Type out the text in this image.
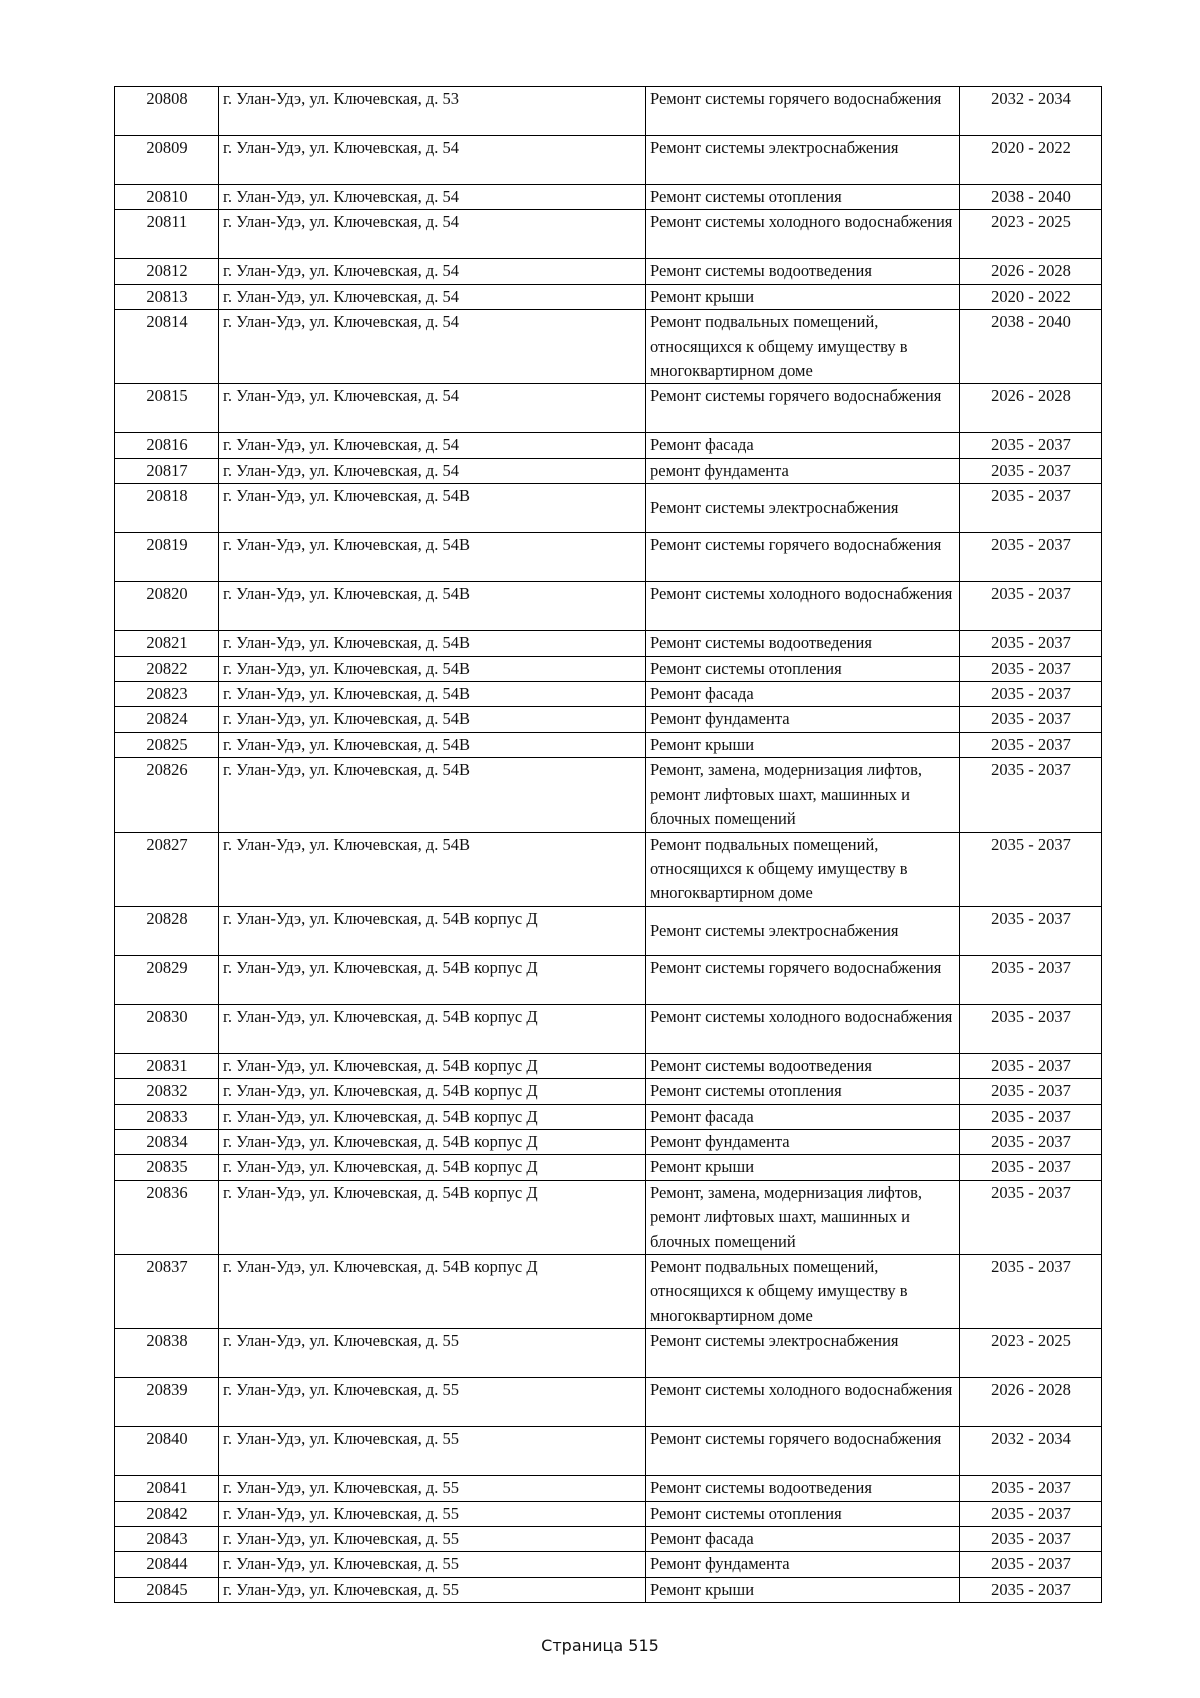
20808	г. Улан-Удэ, ул. Ключевская, д. 53	Ремонт системы горячего водоснабжения	2032 - 2034
20809	г. Улан-Удэ, ул. Ключевская, д. 54	Ремонт системы электроснабжения	2020 - 2022
20810	г. Улан-Удэ, ул. Ключевская, д. 54	Ремонт системы отопления	2038 - 2040
20811	г. Улан-Удэ, ул. Ключевская, д. 54	Ремонт системы холодного водоснабжения	2023 - 2025
20812	г. Улан-Удэ, ул. Ключевская, д. 54	Ремонт системы водоотведения	2026 - 2028
20813	г. Улан-Удэ, ул. Ключевская, д. 54	Ремонт крыши	2020 - 2022
20814	г. Улан-Удэ, ул. Ключевская, д. 54	Ремонт подвальных помещений, относящихся к общему имуществу в многоквартирном доме	2038 - 2040
20815	г. Улан-Удэ, ул. Ключевская, д. 54	Ремонт системы горячего водоснабжения	2026 - 2028
20816	г. Улан-Удэ, ул. Ключевская, д. 54	Ремонт фасада	2035 - 2037
20817	г. Улан-Удэ, ул. Ключевская, д. 54	ремонт фундамента	2035 - 2037
20818	г. Улан-Удэ, ул. Ключевская, д. 54В	Ремонт системы электроснабжения	2035 - 2037
20819	г. Улан-Удэ, ул. Ключевская, д. 54В	Ремонт системы горячего водоснабжения	2035 - 2037
20820	г. Улан-Удэ, ул. Ключевская, д. 54В	Ремонт системы холодного водоснабжения	2035 - 2037
20821	г. Улан-Удэ, ул. Ключевская, д. 54В	Ремонт системы водоотведения	2035 - 2037
20822	г. Улан-Удэ, ул. Ключевская, д. 54В	Ремонт системы отопления	2035 - 2037
20823	г. Улан-Удэ, ул. Ключевская, д. 54В	Ремонт фасада	2035 - 2037
20824	г. Улан-Удэ, ул. Ключевская, д. 54В	Ремонт фундамента	2035 - 2037
20825	г. Улан-Удэ, ул. Ключевская, д. 54В	Ремонт крыши	2035 - 2037
20826	г. Улан-Удэ, ул. Ключевская, д. 54В	Ремонт, замена, модернизация лифтов, ремонт лифтовых шахт, машинных и блочных помещений	2035 - 2037
20827	г. Улан-Удэ, ул. Ключевская, д. 54В	Ремонт подвальных помещений, относящихся к общему имуществу в многоквартирном доме	2035 - 2037
20828	г. Улан-Удэ, ул. Ключевская, д. 54В корпус Д	Ремонт системы электроснабжения	2035 - 2037
20829	г. Улан-Удэ, ул. Ключевская, д. 54В корпус Д	Ремонт системы горячего водоснабжения	2035 - 2037
20830	г. Улан-Удэ, ул. Ключевская, д. 54В корпус Д	Ремонт системы холодного водоснабжения	2035 - 2037
20831	г. Улан-Удэ, ул. Ключевская, д. 54В корпус Д	Ремонт системы водоотведения	2035 - 2037
20832	г. Улан-Удэ, ул. Ключевская, д. 54В корпус Д	Ремонт системы отопления	2035 - 2037
20833	г. Улан-Удэ, ул. Ключевская, д. 54В корпус Д	Ремонт фасада	2035 - 2037
20834	г. Улан-Удэ, ул. Ключевская, д. 54В корпус Д	Ремонт фундамента	2035 - 2037
20835	г. Улан-Удэ, ул. Ключевская, д. 54В корпус Д	Ремонт крыши	2035 - 2037
20836	г. Улан-Удэ, ул. Ключевская, д. 54В корпус Д	Ремонт, замена, модернизация лифтов, ремонт лифтовых шахт, машинных и блочных помещений	2035 - 2037
20837	г. Улан-Удэ, ул. Ключевская, д. 54В корпус Д	Ремонт подвальных помещений, относящихся к общему имуществу в многоквартирном доме	2035 - 2037
20838	г. Улан-Удэ, ул. Ключевская, д. 55	Ремонт системы электроснабжения	2023 - 2025
20839	г. Улан-Удэ, ул. Ключевская, д. 55	Ремонт системы холодного водоснабжения	2026 - 2028
20840	г. Улан-Удэ, ул. Ключевская, д. 55	Ремонт системы горячего водоснабжения	2032 - 2034
20841	г. Улан-Удэ, ул. Ключевская, д. 55	Ремонт системы водоотведения	2035 - 2037
20842	г. Улан-Удэ, ул. Ключевская, д. 55	Ремонт системы отопления	2035 - 2037
20843	г. Улан-Удэ, ул. Ключевская, д. 55	Ремонт фасада	2035 - 2037
20844	г. Улан-Удэ, ул. Ключевская, д. 55	Ремонт фундамента	2035 - 2037
20845	г. Улан-Удэ, ул. Ключевская, д. 55	Ремонт крыши	2035 - 2037
Страница 515
